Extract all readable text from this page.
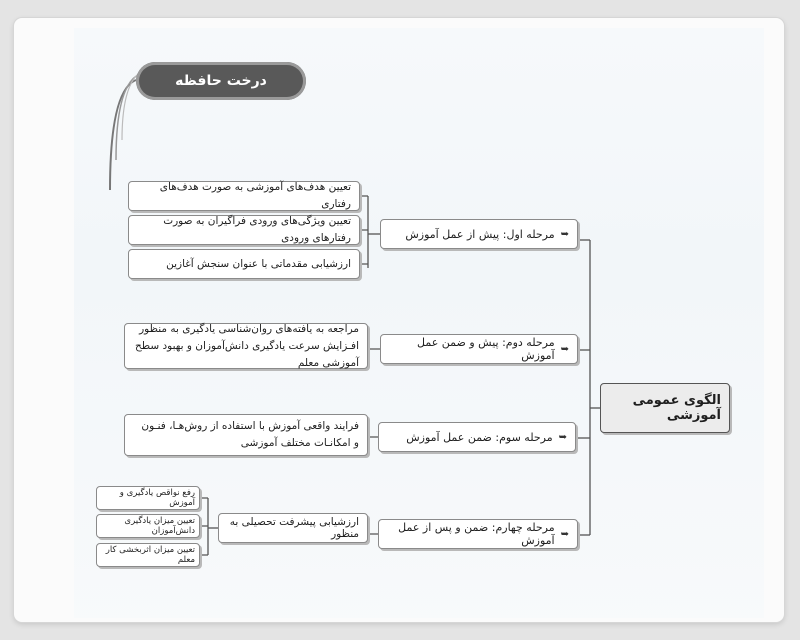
درخت حافظه
الگوی عمومی آموزشی
➥
مرحله اول: پیش از عمل آموزش
تعیین هدف‌های آموزشی به صورت هدف‌های رفتاری
تعیین ویژگی‌های ورودی فراگیران به صورت رفتارهای ورودی
ارزشیابی مقدماتی با عنوان سنجش آغازین
➥
مرحله دوم: پیش و ضمن عمل آموزش
مراجعه به یافته‌های روان‌شناسی یادگیری به منظور افـزایش سرعت یادگیری دانش‌آموزان و بهبود سطح آموزشی معلم
➥
مرحله سوم: ضمن عمل آموزش
فرایند واقعی آموزش با استفاده از روش‌هـا، فنـون و امکانـات مختلف آموزشی
➥
مرحله چهارم: ضمن و پس از عمل آموزش
ارزشیابی پیشرفت تحصیلی به منظور
رفع نواقص یادگیری و آموزش
تعیین میزان یادگیری دانش‌آموزان
تعیین میزان اثربخشی کار معلم
